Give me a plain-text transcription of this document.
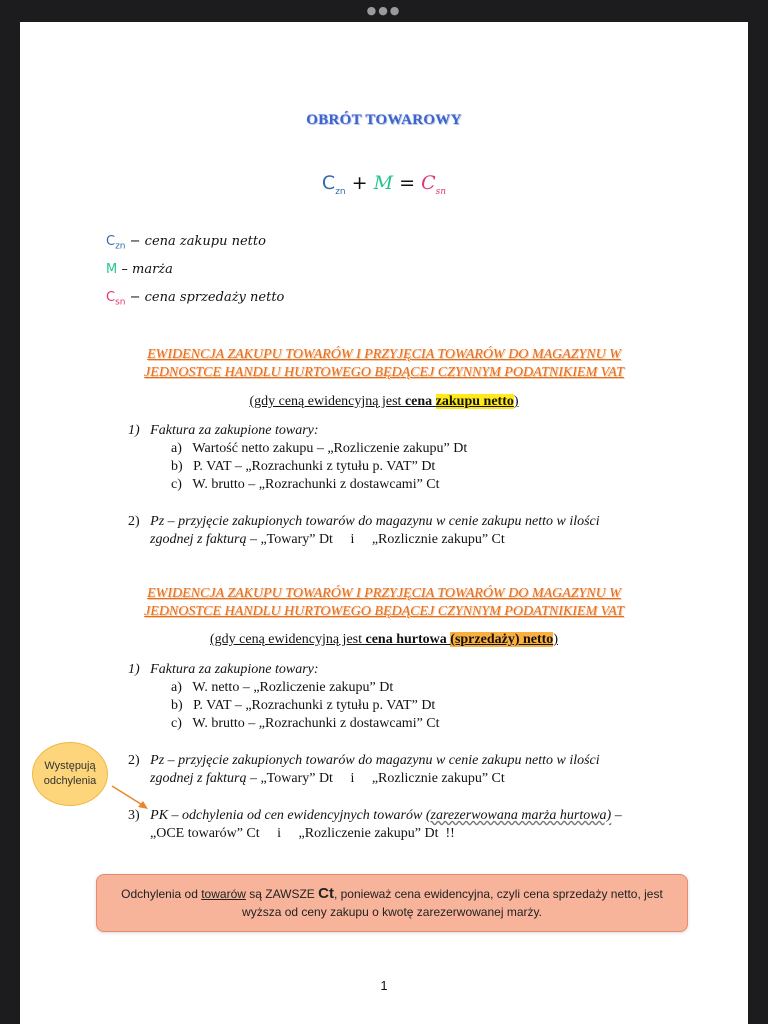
●●●
OBRÓT TOWAROWY
$C_{zn} + M = C_{sn}$
$C_{zn}$ − cena zakupu netto
M – marża
$C_{sn}$ − cena sprzedaży netto
EWIDENCJA ZAKUPU TOWARÓW I PRZYJĘCIA TOWARÓW DO MAGAZYNU W
JEDNOSTCE HANDLU HURTOWEGO BĘDĄCEJ CZYNNYM PODATNIKIEM VAT
(gdy ceną ewidencyjną jest cena zakupu netto)
1) Faktura za zakupione towary:
a) Wartość netto zakupu – „Rozliczenie zakupu” Dt
b) P. VAT – „Rozrachunki z tytułu p. VAT” Dt
c) W. brutto – „Rozrachunki z dostawcami” Ct
2) Pz – przyjęcie zakupionych towarów do magazynu w cenie zakupu netto w ilości
zgodnej z fakturą – „Towary” Dt     i     „Rozlicznie zakupu” Ct
EWIDENCJA ZAKUPU TOWARÓW I PRZYJĘCIA TOWARÓW DO MAGAZYNU W
JEDNOSTCE HANDLU HURTOWEGO BĘDĄCEJ CZYNNYM PODATNIKIEM VAT
(gdy ceną ewidencyjną jest cena hurtowa (sprzedaży) netto)
1) Faktura za zakupione towary:
a) W. netto – „Rozliczenie zakupu” Dt
b) P. VAT – „Rozrachunki z tytułu p. VAT” Dt
c) W. brutto – „Rozrachunki z dostawcami” Ct
2) Pz – przyjęcie zakupionych towarów do magazynu w cenie zakupu netto w ilości
zgodnej z fakturą – „Towary” Dt     i     „Rozlicznie zakupu” Ct
3) PK – odchylenia od cen ewidencyjnych towarów (zarezerwowana marża hurtowa) –
„OCE towarów” Ct     i     „Rozliczenie zakupu” Dt  !!
Występują
odchylenia
Odchylenia od towarów są ZAWSZE Ct, ponieważ cena ewidencyjna, czyli cena sprzedaży netto, jest
wyższa od ceny zakupu o kwotę zarezerwowanej marży.
1
